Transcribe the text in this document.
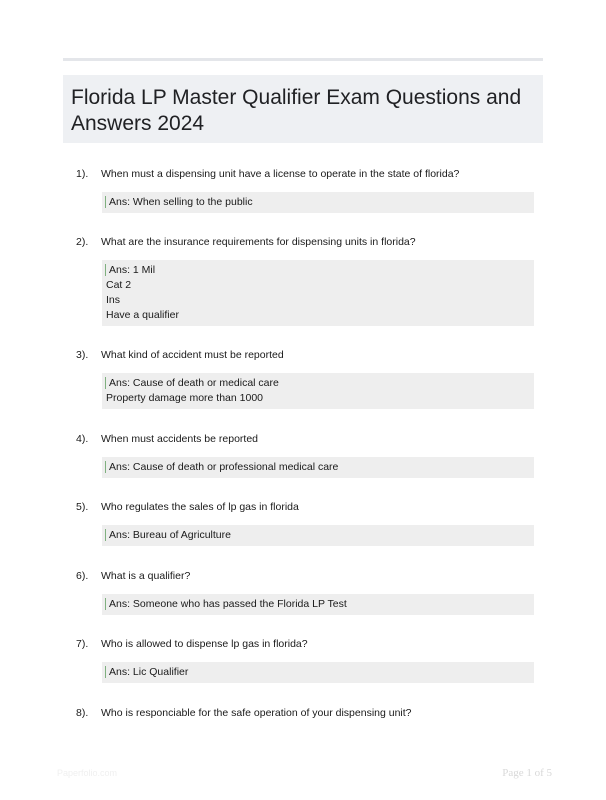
Florida LP Master Qualifier Exam Questions and Answers 2024
1).	When must a dispensing unit have a license to operate in the state of florida?
Ans: When selling to the public
2).	What are the insurance requirements for dispensing units in florida?
Ans: 1 Mil
Cat 2
Ins
Have a qualifier
3).	What kind of accident must be reported
Ans: Cause of death or medical care
Property damage more than 1000
4).	When must accidents be reported
Ans: Cause of death or professional medical care
5).	Who regulates the sales of lp gas in florida
Ans: Bureau of Agriculture
6).	What is a qualifier?
Ans: Someone who has passed the Florida LP Test
7).	Who is allowed to dispense lp gas in florida?
Ans: Lic Qualifier
8).	Who is responciable for the safe operation of your dispensing unit?
Paperfolio.com	Page 1 of 5
